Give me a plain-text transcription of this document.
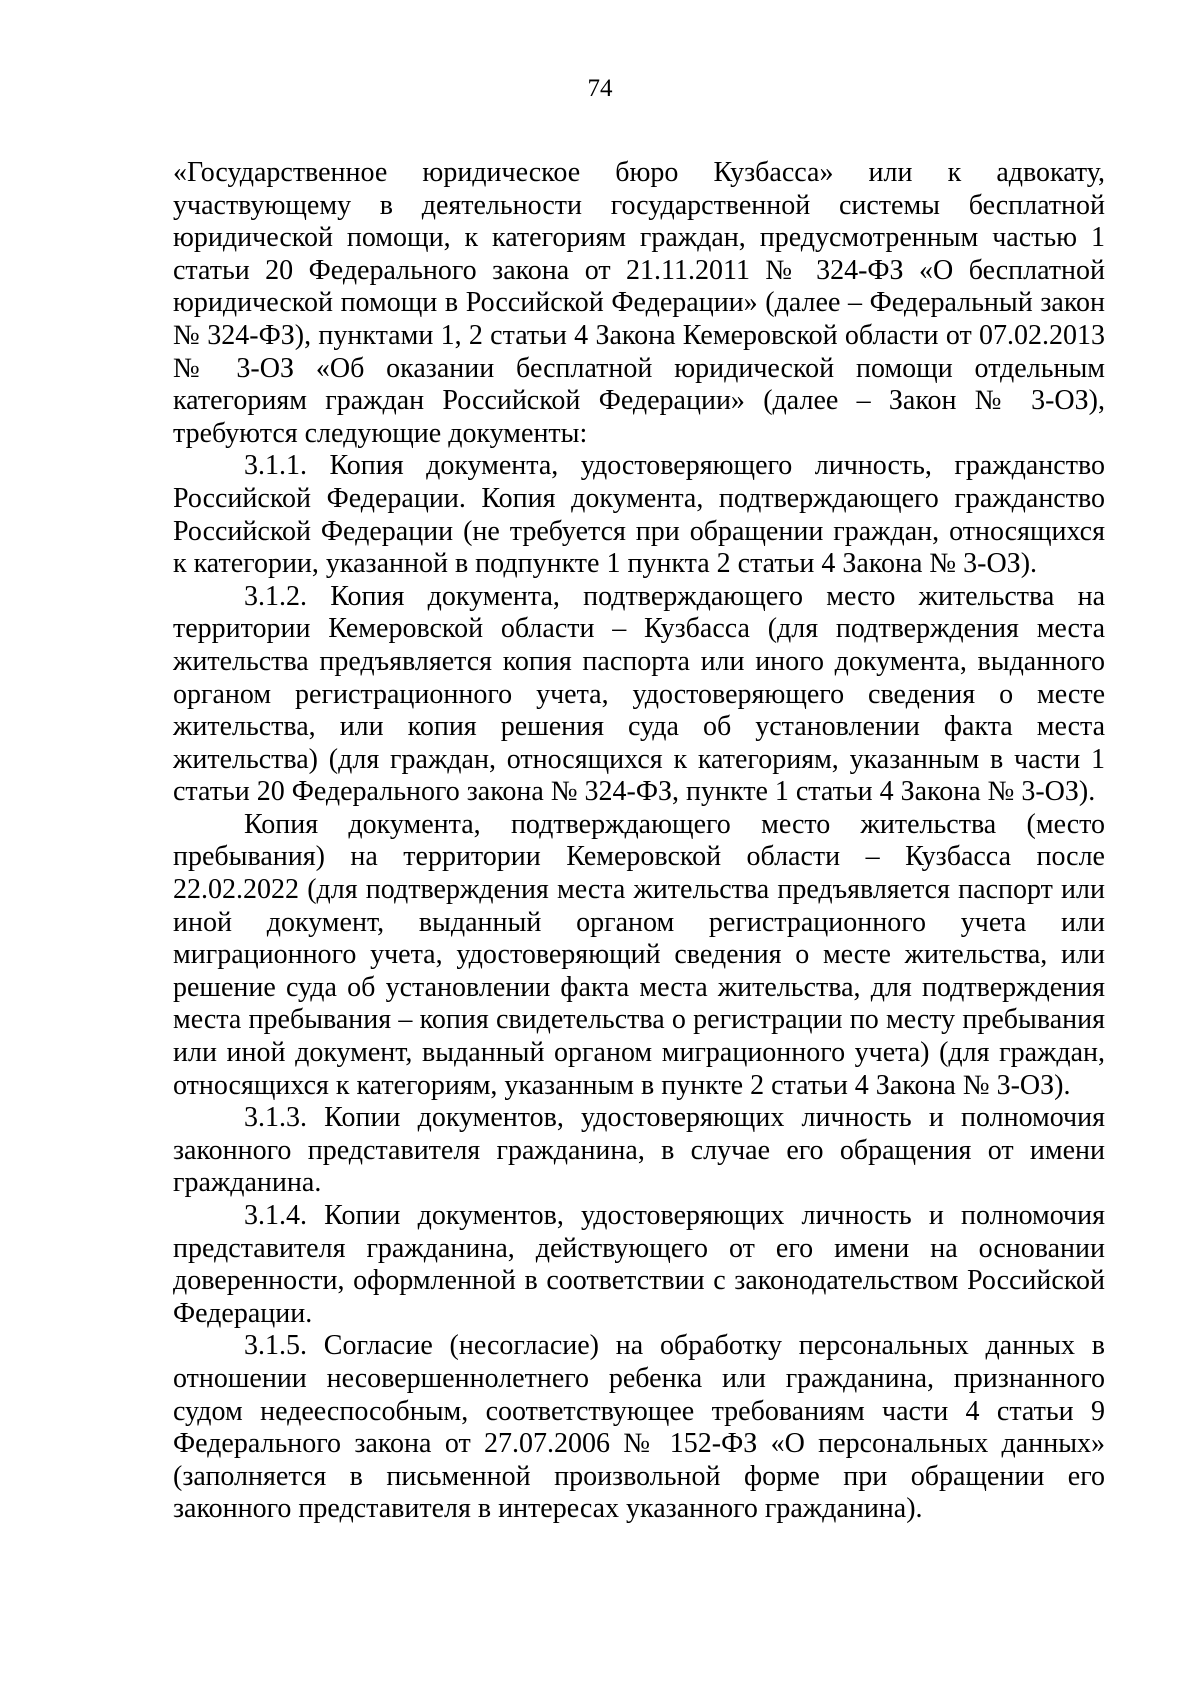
74

«Государственное юридическое бюро Кузбасса» или к адвокату, участвующему в деятельности государственной системы бесплатной юридической помощи, к категориям граждан, предусмотренным частью 1 статьи 20 Федерального закона от 21.11.2011 № 324-ФЗ «О бесплатной юридической помощи в Российской Федерации» (далее – Федеральный закон № 324-ФЗ), пунктами 1, 2 статьи 4 Закона Кемеровской области от 07.02.2013 № 3-ОЗ «Об оказании бесплатной юридической помощи отдельным категориям граждан Российской Федерации» (далее – Закон № 3-ОЗ), требуются следующие документы:

3.1.1. Копия документа, удостоверяющего личность, гражданство Российской Федерации. Копия документа, подтверждающего гражданство Российской Федерации (не требуется при обращении граждан, относящихся к категории, указанной в подпункте 1 пункта 2 статьи 4 Закона № 3-ОЗ).

3.1.2. Копия документа, подтверждающего место жительства на территории Кемеровской области – Кузбасса (для подтверждения места жительства предъявляется копия паспорта или иного документа, выданного органом регистрационного учета, удостоверяющего сведения о месте жительства, или копия решения суда об установлении факта места жительства) (для граждан, относящихся к категориям, указанным в части 1 статьи 20 Федерального закона № 324-ФЗ, пункте 1 статьи 4 Закона № 3-ОЗ).

Копия документа, подтверждающего место жительства (место пребывания) на территории Кемеровской области – Кузбасса после 22.02.2022 (для подтверждения места жительства предъявляется паспорт или иной документ, выданный органом регистрационного учета или миграционного учета, удостоверяющий сведения о месте жительства, или решение суда об установлении факта места жительства, для подтверждения места пребывания – копия свидетельства о регистрации по месту пребывания или иной документ, выданный органом миграционного учета) (для граждан, относящихся к категориям, указанным в пункте 2 статьи 4 Закона № 3-ОЗ).

3.1.3. Копии документов, удостоверяющих личность и полномочия законного представителя гражданина, в случае его обращения от имени гражданина.

3.1.4. Копии документов, удостоверяющих личность и полномочия представителя гражданина, действующего от его имени на основании доверенности, оформленной в соответствии с законодательством Российской Федерации.

3.1.5. Согласие (несогласие) на обработку персональных данных в отношении несовершеннолетнего ребенка или гражданина, признанного судом недееспособным, соответствующее требованиям части 4 статьи 9 Федерального закона от 27.07.2006 № 152-ФЗ «О персональных данных» (заполняется в письменной произвольной форме при обращении его законного представителя в интересах указанного гражданина).
